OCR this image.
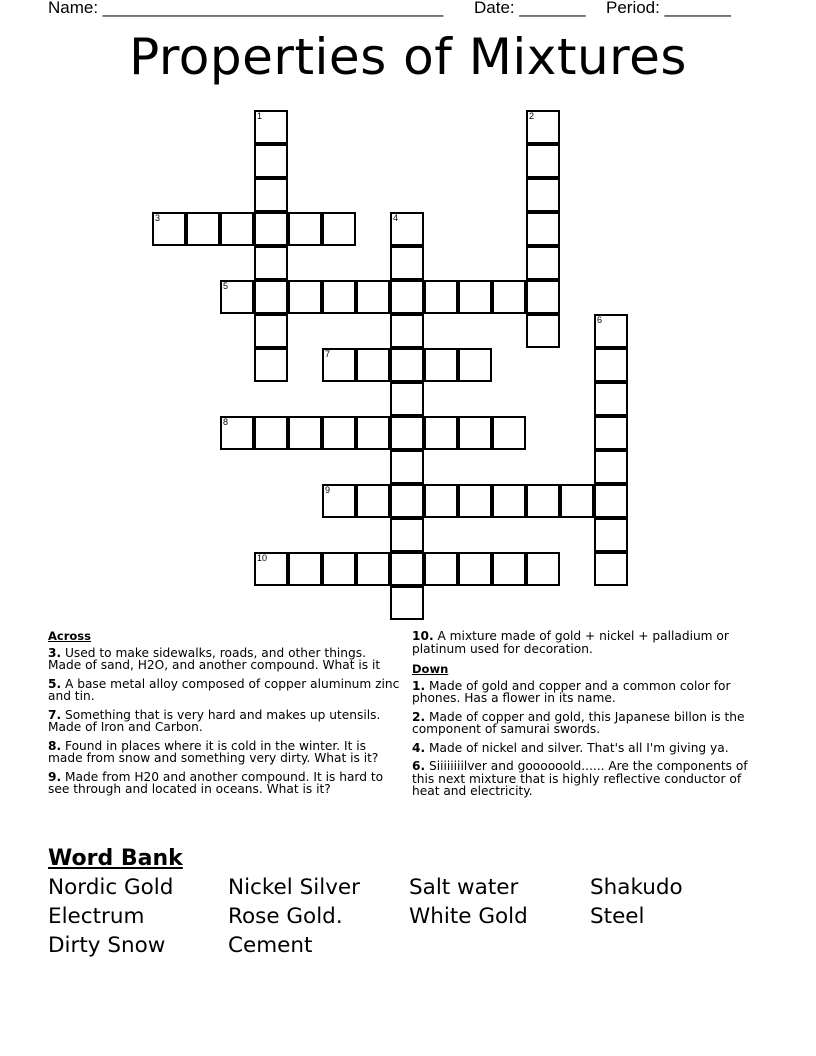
Name: ____________________________________ Date: _______ Period: _______
Properties of Mixtures
1	2
3	4
5
6
7
8
9
10
Across
3. Used to make sidewalks, roads, and other things. Made of sand, H2O, and another compound. What is it
5. A base metal alloy composed of copper aluminum zinc and tin.
7. Something that is very hard and makes up utensils. Made of Iron and Carbon.
8. Found in places where it is cold in the winter. It is made from snow and something very dirty. What is it?
9. Made from H20 and another compound. It is hard to see through and located in oceans. What is it?
10. A mixture made of gold + nickel + palladium or platinum used for decoration.
Down
1. Made of gold and copper and a common color for phones. Has a flower in its name.
2. Made of copper and gold, this Japanese billon is the component of samurai swords.
4. Made of nickel and silver. That's all I'm giving ya.
6. Siiiiiiiilver and goooooold...... Are the components of this next mixture that is highly reflective conductor of heat and electricity.
Word Bank
Nordic Gold	Nickel Silver	Salt water	Shakudo
Electrum	Rose Gold.	White Gold	Steel
Dirty Snow	Cement
